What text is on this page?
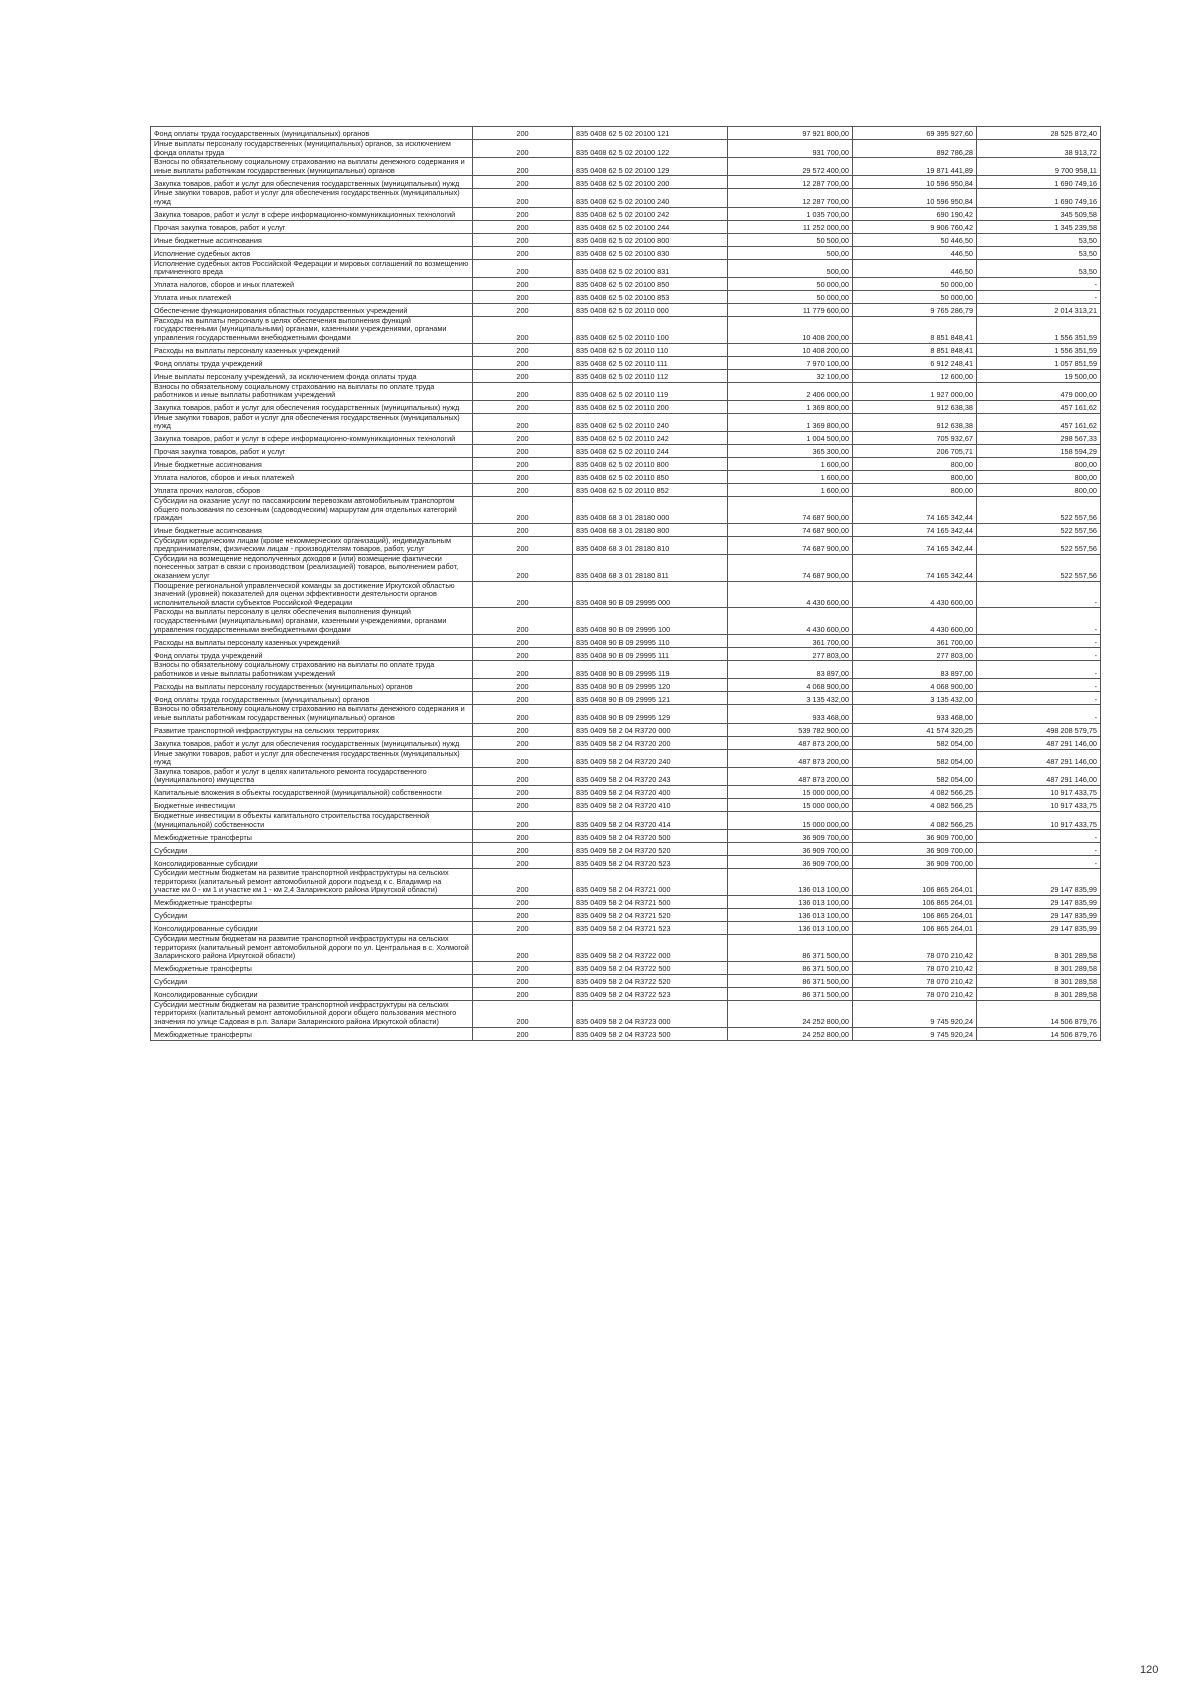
Фонд оплаты труда государственных (муниципальных) органов	200	835 0408 62 5 02 20100 121	97 921 800,00	69 395 927,60	28 525 872,40
Иные выплаты персоналу государственных (муниципальных) органов, за исключением фонда оплаты труда	200	835 0408 62 5 02 20100 122	931 700,00	892 786,28	38 913,72
Взносы по обязательному социальному страхованию на выплаты денежного содержания и иные выплаты работникам государственных (муниципальных) органов	200	835 0408 62 5 02 20100 129	29 572 400,00	19 871 441,89	9 700 958,11
Закупка товаров, работ и услуг для обеспечения государственных (муниципальных) нужд	200	835 0408 62 5 02 20100 200	12 287 700,00	10 596 950,84	1 690 749,16
Иные закупки товаров, работ и услуг для обеспечения государственных (муниципальных) нужд	200	835 0408 62 5 02 20100 240	12 287 700,00	10 596 950,84	1 690 749,16
Закупка товаров, работ и услуг в сфере информационно-коммуникационных технологий	200	835 0408 62 5 02 20100 242	1 035 700,00	690 190,42	345 509,58
Прочая закупка товаров, работ и услуг	200	835 0408 62 5 02 20100 244	11 252 000,00	9 906 760,42	1 345 239,58
Иные бюджетные ассигнования	200	835 0408 62 5 02 20100 800	50 500,00	50 446,50	53,50
Исполнение судебных актов	200	835 0408 62 5 02 20100 830	500,00	446,50	53,50
Исполнение судебных актов Российской Федерации и мировых соглашений по возмещению причиненного вреда	200	835 0408 62 5 02 20100 831	500,00	446,50	53,50
Уплата налогов, сборов и иных платежей	200	835 0408 62 5 02 20100 850	50 000,00	50 000,00	-
Уплата иных платежей	200	835 0408 62 5 02 20100 853	50 000,00	50 000,00	-
Обеспечение функционирования областных государственных учреждений	200	835 0408 62 5 02 20110 000	11 779 600,00	9 765 286,79	2 014 313,21
Расходы на выплаты персоналу в целях обеспечения выполнения функций государственными (муниципальными) органами, казенными учреждениями, органами управления государственными внебюджетными фондами	200	835 0408 62 5 02 20110 100	10 408 200,00	8 851 848,41	1 556 351,59
Расходы на выплаты персоналу казенных учреждений	200	835 0408 62 5 02 20110 110	10 408 200,00	8 851 848,41	1 556 351,59
Фонд оплаты труда учреждений	200	835 0408 62 5 02 20110 111	7 970 100,00	6 912 248,41	1 057 851,59
Иные выплаты персоналу учреждений, за исключением фонда оплаты труда	200	835 0408 62 5 02 20110 112	32 100,00	12 600,00	19 500,00
Взносы по обязательному социальному страхованию на выплаты по оплате труда работников и иные выплаты работникам учреждений	200	835 0408 62 5 02 20110 119	2 406 000,00	1 927 000,00	479 000,00
Закупка товаров, работ и услуг для обеспечения государственных (муниципальных) нужд	200	835 0408 62 5 02 20110 200	1 369 800,00	912 638,38	457 161,62
Иные закупки товаров, работ и услуг для обеспечения государственных (муниципальных) нужд	200	835 0408 62 5 02 20110 240	1 369 800,00	912 638,38	457 161,62
Закупка товаров, работ и услуг в сфере информационно-коммуникационных технологий	200	835 0408 62 5 02 20110 242	1 004 500,00	705 932,67	298 567,33
Прочая закупка товаров, работ и услуг	200	835 0408 62 5 02 20110 244	365 300,00	206 705,71	158 594,29
Иные бюджетные ассигнования	200	835 0408 62 5 02 20110 800	1 600,00	800,00	800,00
Уплата налогов, сборов и иных платежей	200	835 0408 62 5 02 20110 850	1 600,00	800,00	800,00
Уплата прочих налогов, сборов	200	835 0408 62 5 02 20110 852	1 600,00	800,00	800,00
Субсидии на оказание услуг по пассажирским перевозкам автомобильным транспортом общего пользования по сезонным (садоводческим) маршрутам для отдельных категорий граждан	200	835 0408 68 3 01 28180 000	74 687 900,00	74 165 342,44	522 557,56
Иные бюджетные ассигнования	200	835 0408 68 3 01 28180 800	74 687 900,00	74 165 342,44	522 557,56
Субсидии юридическим лицам (кроме некоммерческих организаций), индивидуальным предпринимателям, физическим лицам - производителям товаров, работ, услуг	200	835 0408 68 3 01 28180 810	74 687 900,00	74 165 342,44	522 557,56
Субсидии на возмещение недополученных доходов и (или) возмещение фактически понесенных затрат в связи с производством (реализацией) товаров, выполнением работ, оказанием услуг	200	835 0408 68 3 01 28180 811	74 687 900,00	74 165 342,44	522 557,56
Поощрение региональной управленческой команды за достижение Иркутской областью значений (уровней) показателей для оценки эффективности деятельности органов исполнительной власти субъектов Российской Федерации	200	835 0408 90 В 09 29995 000	4 430 600,00	4 430 600,00	-
Расходы на выплаты персоналу в целях обеспечения выполнения функций государственными (муниципальными) органами, казенными учреждениями, органами управления государственными внебюджетными фондами	200	835 0408 90 В 09 29995 100	4 430 600,00	4 430 600,00	-
Расходы на выплаты персоналу казенных учреждений	200	835 0408 90 В 09 29995 110	361 700,00	361 700,00	-
Фонд оплаты труда учреждений	200	835 0408 90 В 09 29995 111	277 803,00	277 803,00	-
Взносы по обязательному социальному страхованию на выплаты по оплате труда работников и иные выплаты работникам учреждений	200	835 0408 90 В 09 29995 119	83 897,00	83 897,00	-
Расходы на выплаты персоналу государственных (муниципальных) органов	200	835 0408 90 В 09 29995 120	4 068 900,00	4 068 900,00	-
Фонд оплаты труда государственных (муниципальных) органов	200	835 0408 90 В 09 29995 121	3 135 432,00	3 135 432,00	-
Взносы по обязательному социальному страхованию на выплаты денежного содержания и иные выплаты работникам государственных (муниципальных) органов	200	835 0408 90 В 09 29995 129	933 468,00	933 468,00	-
Развитие транспортной инфраструктуры на сельских территориях	200	835 0409 58 2 04 R3720 000	539 782 900,00	41 574 320,25	498 208 579,75
Закупка товаров, работ и услуг для обеспечения государственных (муниципальных) нужд	200	835 0409 58 2 04 R3720 200	487 873 200,00	582 054,00	487 291 146,00
Иные закупки товаров, работ и услуг для обеспечения государственных (муниципальных) нужд	200	835 0409 58 2 04 R3720 240	487 873 200,00	582 054,00	487 291 146,00
Закупка товаров, работ и услуг в целях капитального ремонта государственного (муниципального) имущества	200	835 0409 58 2 04 R3720 243	487 873 200,00	582 054,00	487 291 146,00
Капитальные вложения в объекты государственной (муниципальной) собственности	200	835 0409 58 2 04 R3720 400	15 000 000,00	4 082 566,25	10 917 433,75
Бюджетные инвестиции	200	835 0409 58 2 04 R3720 410	15 000 000,00	4 082 566,25	10 917 433,75
Бюджетные инвестиции в объекты капитального строительства государственной (муниципальной) собственности	200	835 0409 58 2 04 R3720 414	15 000 000,00	4 082 566,25	10 917 433,75
Межбюджетные трансферты	200	835 0409 58 2 04 R3720 500	36 909 700,00	36 909 700,00	-
Субсидии	200	835 0409 58 2 04 R3720 520	36 909 700,00	36 909 700,00	-
Консолидированные субсидии	200	835 0409 58 2 04 R3720 523	36 909 700,00	36 909 700,00	-
Субсидии местным бюджетам на развитие транспортной инфраструктуры на сельских территориях (капитальный ремонт автомобильной дороги подъезд к с. Владимир на участке км 0 - км 1 и участке км 1 - км 2,4 Заларинского района Иркутской области)	200	835 0409 58 2 04 R3721 000	136 013 100,00	106 865 264,01	29 147 835,99
Межбюджетные трансферты	200	835 0409 58 2 04 R3721 500	136 013 100,00	106 865 264,01	29 147 835,99
Субсидии	200	835 0409 58 2 04 R3721 520	136 013 100,00	106 865 264,01	29 147 835,99
Консолидированные субсидии	200	835 0409 58 2 04 R3721 523	136 013 100,00	106 865 264,01	29 147 835,99
Субсидии местным бюджетам на развитие транспортной инфраструктуры на сельских территориях (капитальный ремонт автомобильной дороги по ул. Центральная в с. Холмогой Заларинского района Иркутской области)	200	835 0409 58 2 04 R3722 000	86 371 500,00	78 070 210,42	8 301 289,58
Межбюджетные трансферты	200	835 0409 58 2 04 R3722 500	86 371 500,00	78 070 210,42	8 301 289,58
Субсидии	200	835 0409 58 2 04 R3722 520	86 371 500,00	78 070 210,42	8 301 289,58
Консолидированные субсидии	200	835 0409 58 2 04 R3722 523	86 371 500,00	78 070 210,42	8 301 289,58
Субсидии местным бюджетам на развитие транспортной инфраструктуры на сельских территориях (капитальный ремонт автомобильной дороги общего пользования местного значения по улице Садовая в р.п. Залари Заларинского района Иркутской области)	200	835 0409 58 2 04 R3723 000	24 252 800,00	9 745 920,24	14 506 879,76
Межбюджетные трансферты	200	835 0409 58 2 04 R3723 500	24 252 800,00	9 745 920,24	14 506 879,76
120
